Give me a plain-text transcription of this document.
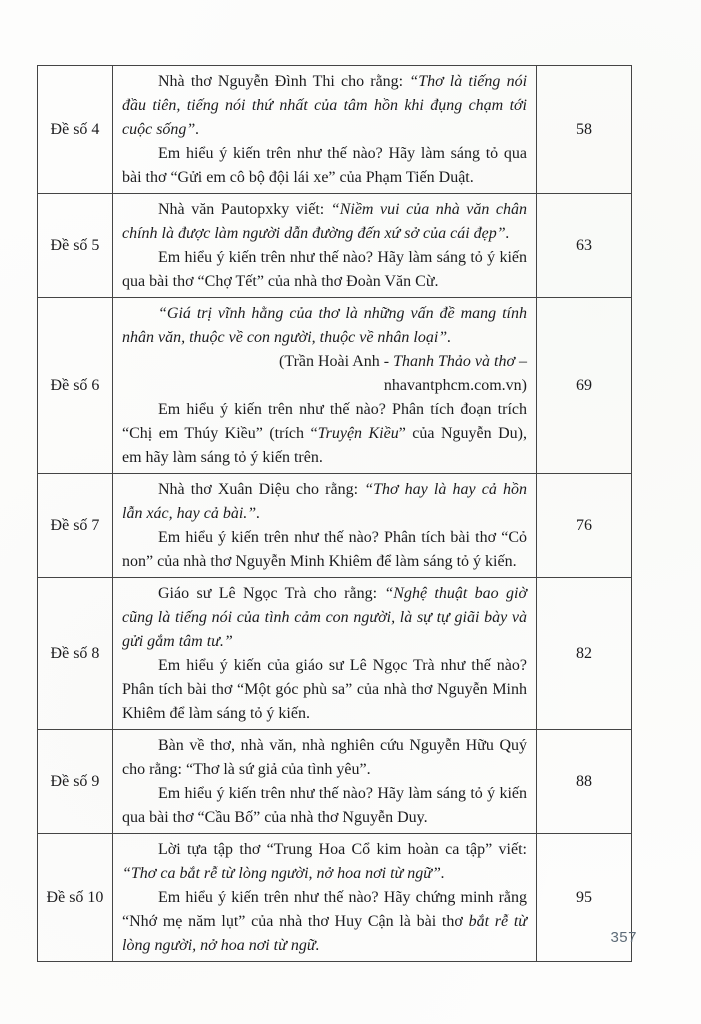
Đề số 4

Nhà thơ Nguyễn Đình Thi cho rằng: “Thơ là tiếng nói đầu tiên, tiếng nói thứ nhất của tâm hồn khi đụng chạm tới cuộc sống”.

Em hiểu ý kiến trên như thế nào? Hãy làm sáng tỏ qua bài thơ “Gửi em cô bộ đội lái xe” của Phạm Tiến Duật.

58
Đề số 5

Nhà văn Pautopxky viết: “Niềm vui của nhà văn chân chính là được làm người dẫn đường đến xứ sở của cái đẹp”.

Em hiểu ý kiến trên như thế nào? Hãy làm sáng tỏ ý kiến qua bài thơ “Chợ Tết” của nhà thơ Đoàn Văn Cừ.

63
Đề số 6

“Giá trị vĩnh hằng của thơ là những vấn đề mang tính nhân văn, thuộc về con người, thuộc về nhân loại”.

(Trần Hoài Anh - Thanh Thảo và thơ –

nhavantphcm.com.vn)

Em hiểu ý kiến trên như thế nào? Phân tích đoạn trích “Chị em Thúy Kiều” (trích “Truyện Kiều” của Nguyễn Du), em hãy làm sáng tỏ ý kiến trên.

69
Đề số 7

Nhà thơ Xuân Diệu cho rằng: “Thơ hay là hay cả hồn lẫn xác, hay cả bài.”.

Em hiểu ý kiến trên như thế nào? Phân tích bài thơ “Cỏ non” của nhà thơ Nguyễn Minh Khiêm để làm sáng tỏ ý kiến.

76
Đề số 8

Giáo sư Lê Ngọc Trà cho rằng: “Nghệ thuật bao giờ cũng là tiếng nói của tình cảm con người, là sự tự giãi bày và gửi gắm tâm tư.”

Em hiểu ý kiến của giáo sư Lê Ngọc Trà như thế nào? Phân tích bài thơ “Một góc phù sa” của nhà thơ Nguyễn Minh Khiêm để làm sáng tỏ ý kiến.

82
Đề số 9

Bàn về thơ, nhà văn, nhà nghiên cứu Nguyễn Hữu Quý cho rằng: “Thơ là sứ giả của tình yêu”.

Em hiểu ý kiến trên như thế nào? Hãy làm sáng tỏ ý kiến qua bài thơ “Cầu Bố” của nhà thơ Nguyễn Duy.

88
Đề số 10

Lời tựa tập thơ “Trung Hoa Cổ kim hoàn ca tập” viết: “Thơ ca bắt rễ từ lòng người, nở hoa nơi từ ngữ”.

Em hiểu ý kiến trên như thế nào? Hãy chứng minh rằng “Nhớ mẹ năm lụt” của nhà thơ Huy Cận là bài thơ bắt rễ từ lòng người, nở hoa nơi từ ngữ.

95
357
